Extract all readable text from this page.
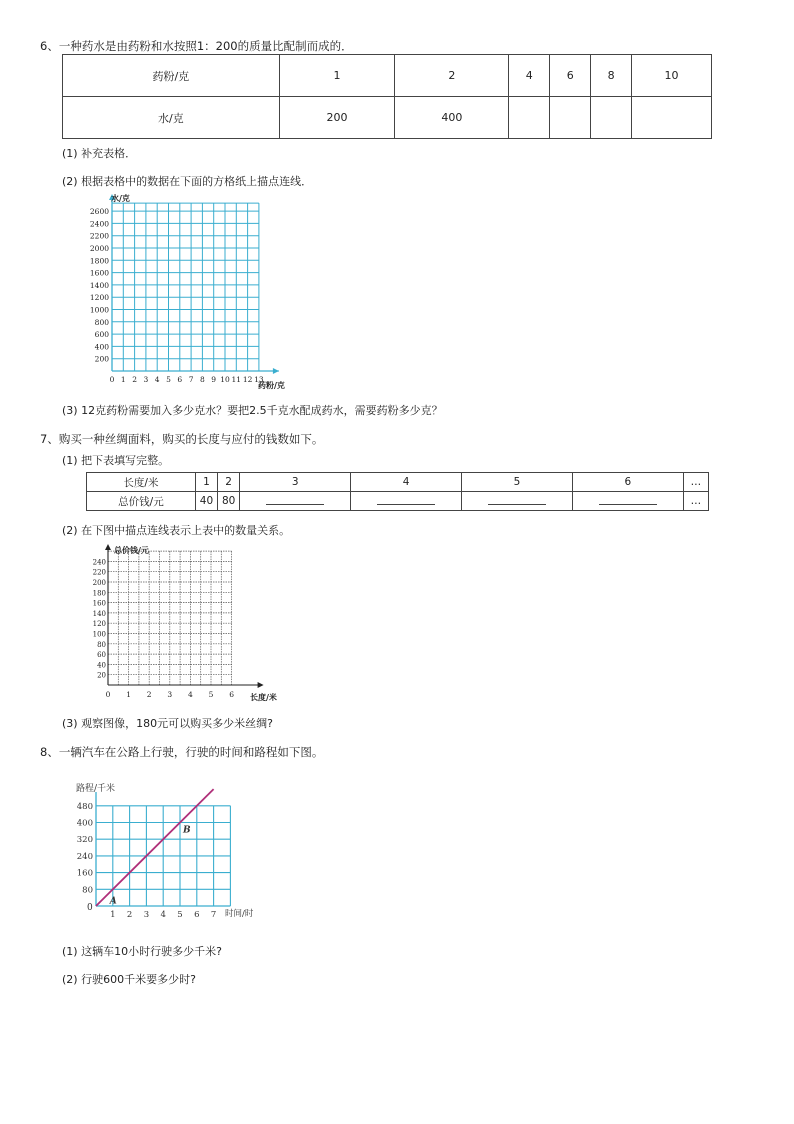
6、一种药水是由药粉和水按照1：200的质量比配制而成的．
药粉/克	1	2	4	6	8	10
水/克	200	400				
(1) 补充表格．
(2) 根据表格中的数据在下面的方格纸上描点连线．
水/克
药粉/克
2600
2400
2200
2000
1800
1600
1400
1200
1000
800
600
400
200
0 1 2 3 4 5 6 7 8 9 10 11 12 13
(3) 12克药粉需要加入多少克水？要把2.5千克水配成药水，需要药粉多少克？
7、购买一种丝绸面料，购买的长度与应付的钱数如下。
(1) 把下表填写完整。
长度/米	1	2	3	4	5	6	…
总价钱/元	40	80					…
(2) 在下图中描点连线表示上表中的数量关系。
总价钱/元
长度/米
240
220
200
180
160
140
120
100
80
60
40
20
0 1 2 3 4 5 6
(3) 观察图像，180元可以购买多少米丝绸?
8、一辆汽车在公路上行驶，行驶的时间和路程如下图。
路程/千米
时间/时
0
A
B
480
400
320
240
160
80
1 2 3 4 5 6 7
(1) 这辆车10小时行驶多少千米?
(2) 行驶600千米要多少时?
